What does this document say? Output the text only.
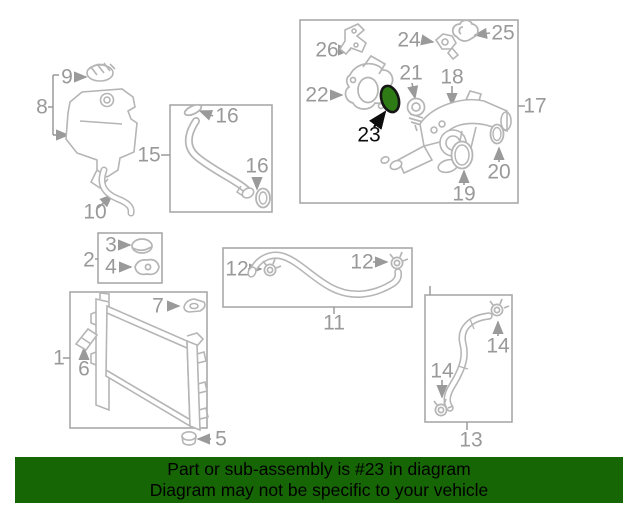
1
2
3
4
5
6
7
8
9
10
11
12	12
13
14
14
15
16
16
17
18
19
20
21
22
23
24	25
26
Part or sub-assembly is #23 in diagram
Diagram may not be specific to your vehicle
